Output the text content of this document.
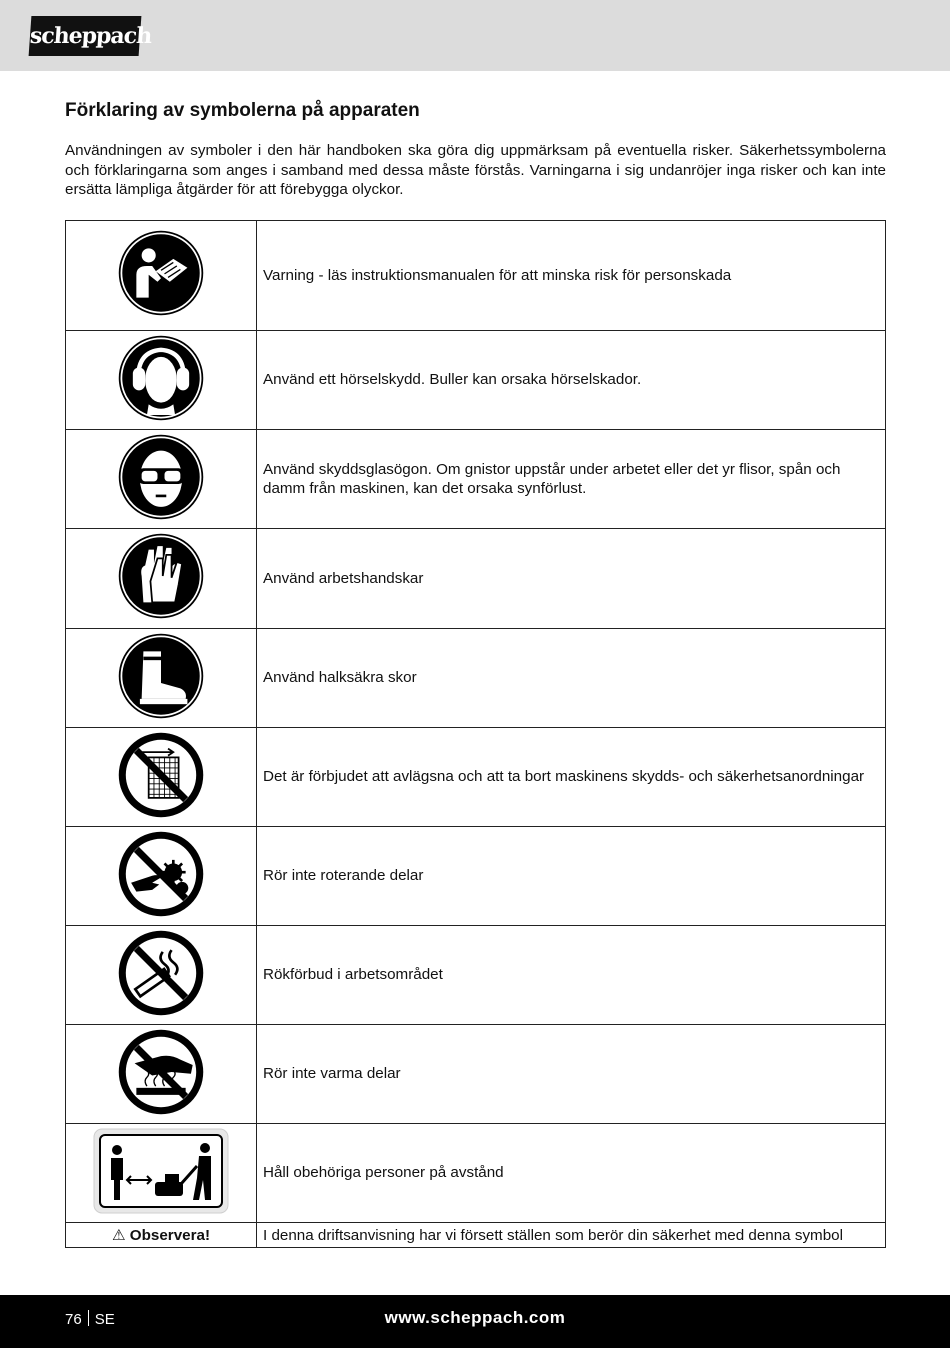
scheppach
Förklaring av symbolerna på apparaten

Användningen av symboler i den här handboken ska göra dig uppmärksam på eventuella risker. Säkerhetssymbolerna och förklaringarna som anges i samband med dessa måste förstås. Varningarna i sig undanröjer inga risker och kan inte ersätta lämpliga åtgärder för att förebygga olyckor.

	Varning - läs instruktionsmanualen för att minska risk för personskada

	Använd ett hörselskydd. Buller kan orsaka hörselskador.

	Använd skyddsglasögon. Om gnistor uppstår under arbetet eller det yr flisor, spån och damm från maskinen, kan det orsaka synförlust.

	Använd arbetshandskar

	Använd halksäkra skor

	Det är förbjudet att avlägsna och att ta bort maskinens skydds- och säkerhetsanordningar

	Rör inte roterande delar

	Rökförbud i arbetsområdet

	Rör inte varma delar

	Håll obehöriga personer på avstånd
⚠ Observera!	I denna driftsanvisning har vi försett ställen som berör din säkerhet med denna symbol
76 SE	www.scheppach.com
